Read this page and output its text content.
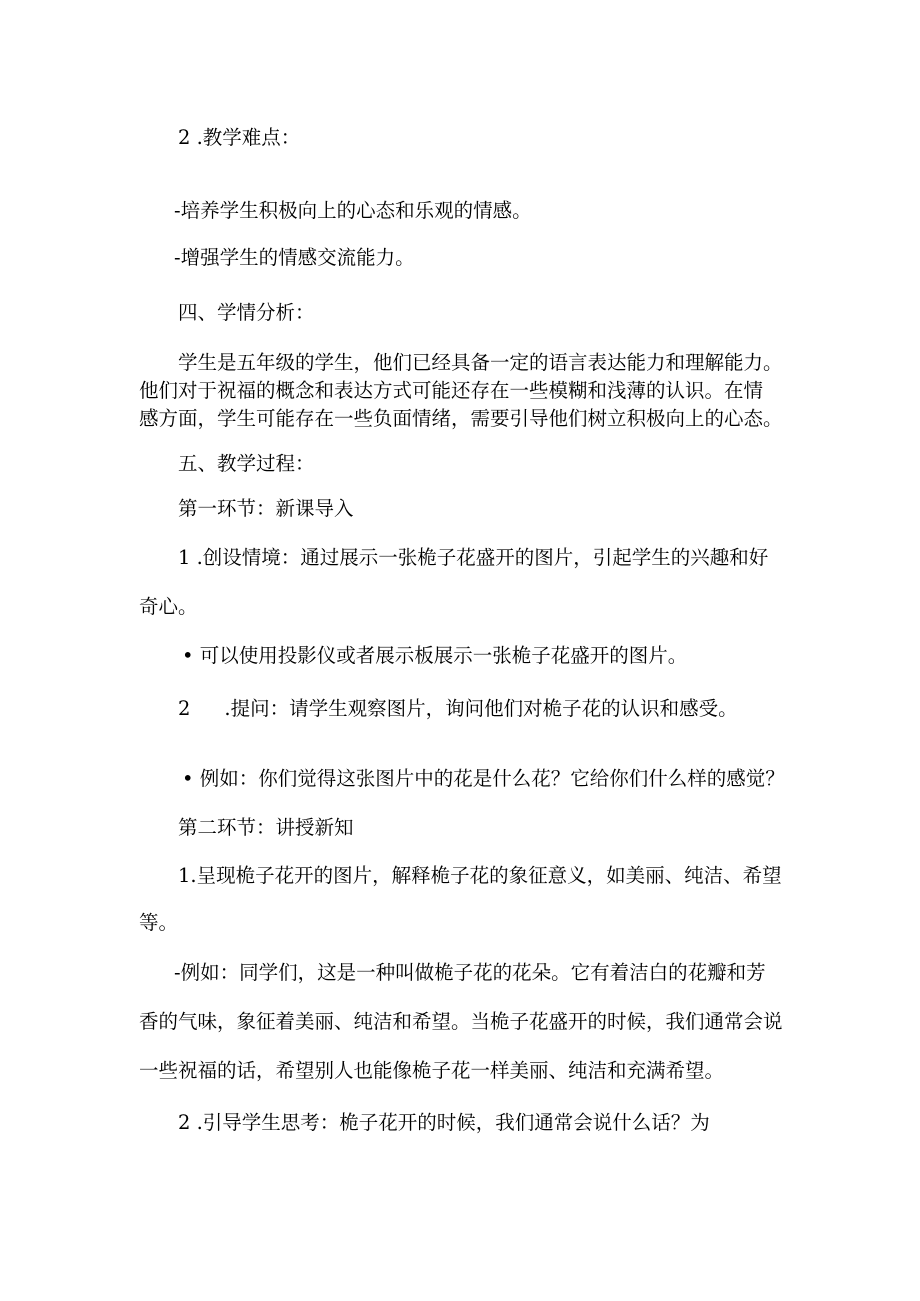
2 .教学难点：

-培养学生积极向上的心态和乐观的情感。

-增强学生的情感交流能力。

四、学情分析：

学生是五年级的学生，他们已经具备一定的语言表达能力和理解能力。

他们对于祝福的概念和表达方式可能还存在一些模糊和浅薄的认识。在情

感方面，学生可能存在一些负面情绪，需要引导他们树立积极向上的心态。

五、教学过程：

第一环节：新课导入

1 .创设情境：通过展示一张桅子花盛开的图片，引起学生的兴趣和好

奇心。

• 可以使用投影仪或者展示板展示一张桅子花盛开的图片。

2 .提问：请学生观察图片，询问他们对桅子花的认识和感受。

• 例如：你们觉得这张图片中的花是什么花？它给你们什么样的感觉？

第二环节：讲授新知

1.呈现桅子花开的图片，解释桅子花的象征意义，如美丽、纯洁、希望

等。

-例如：同学们，这是一种叫做桅子花的花朵。它有着洁白的花瓣和芳

香的气味，象征着美丽、纯洁和希望。当桅子花盛开的时候，我们通常会说

一些祝福的话，希望别人也能像桅子花一样美丽、纯洁和充满希望。

2 .引导学生思考：桅子花开的时候，我们通常会说什么话？为
